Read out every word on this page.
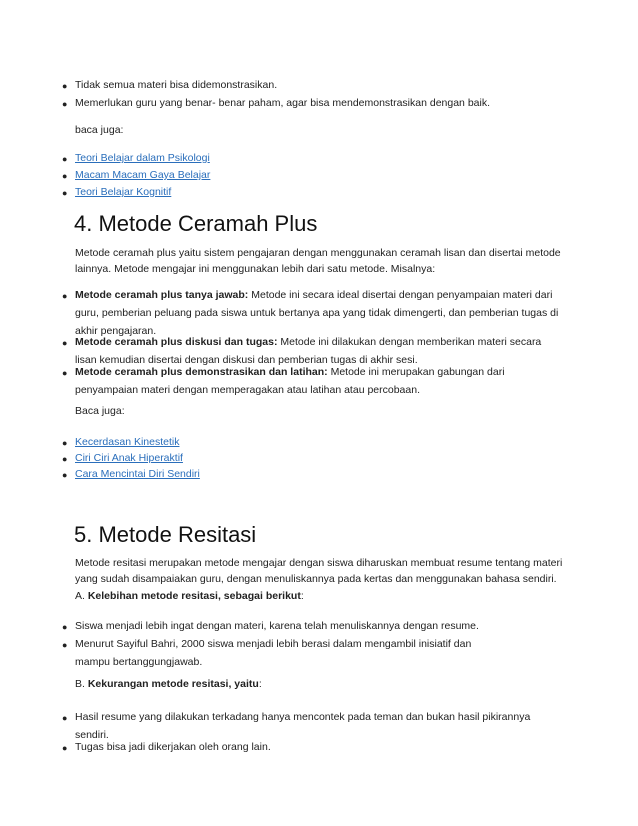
● Tidak semua materi bisa didemonstrasikan.
● Memerlukan guru yang benar- benar paham, agar bisa mendemonstrasikan dengan baik.
baca juga:
● Teori Belajar dalam Psikologi
● Macam Macam Gaya Belajar
● Teori Belajar Kognitif
4. Metode Ceramah Plus
Metode ceramah plus yaitu sistem pengajaran dengan menggunakan ceramah lisan dan disertai metode lainnya. Metode mengajar ini menggunakan lebih dari satu metode. Misalnya:
● Metode ceramah plus tanya jawab: Metode ini secara ideal disertai dengan penyampaian materi dari guru, pemberian peluang pada siswa untuk bertanya apa yang tidak dimengerti, dan pemberian tugas di akhir pengajaran.
● Metode ceramah plus diskusi dan tugas: Metode ini dilakukan dengan memberikan materi secara lisan kemudian disertai dengan diskusi dan pemberian tugas di akhir sesi.
● Metode ceramah plus demonstrasikan dan latihan: Metode ini merupakan gabungan dari penyampaian materi dengan memperagakan atau latihan atau percobaan.
Baca juga:
● Kecerdasan Kinestetik
● Ciri Ciri Anak Hiperaktif
● Cara Mencintai Diri Sendiri
5. Metode Resitasi
Metode resitasi merupakan metode mengajar dengan siswa diharuskan membuat resume tentang materi yang sudah disampaiakan guru, dengan menuliskannya pada kertas dan menggunakan bahasa sendiri.
A. Kelebihan metode resitasi, sebagai berikut:
● Siswa menjadi lebih ingat dengan materi, karena telah menuliskannya dengan resume.
● Menurut Sayiful Bahri, 2000 siswa menjadi lebih berasi dalam mengambil inisiatif dan mampu bertanggungjawab.
B. Kekurangan metode resitasi, yaitu:
● Hasil resume yang dilakukan terkadang hanya mencontek pada teman dan bukan hasil pikirannya sendiri.
● Tugas bisa jadi dikerjakan oleh orang lain.
